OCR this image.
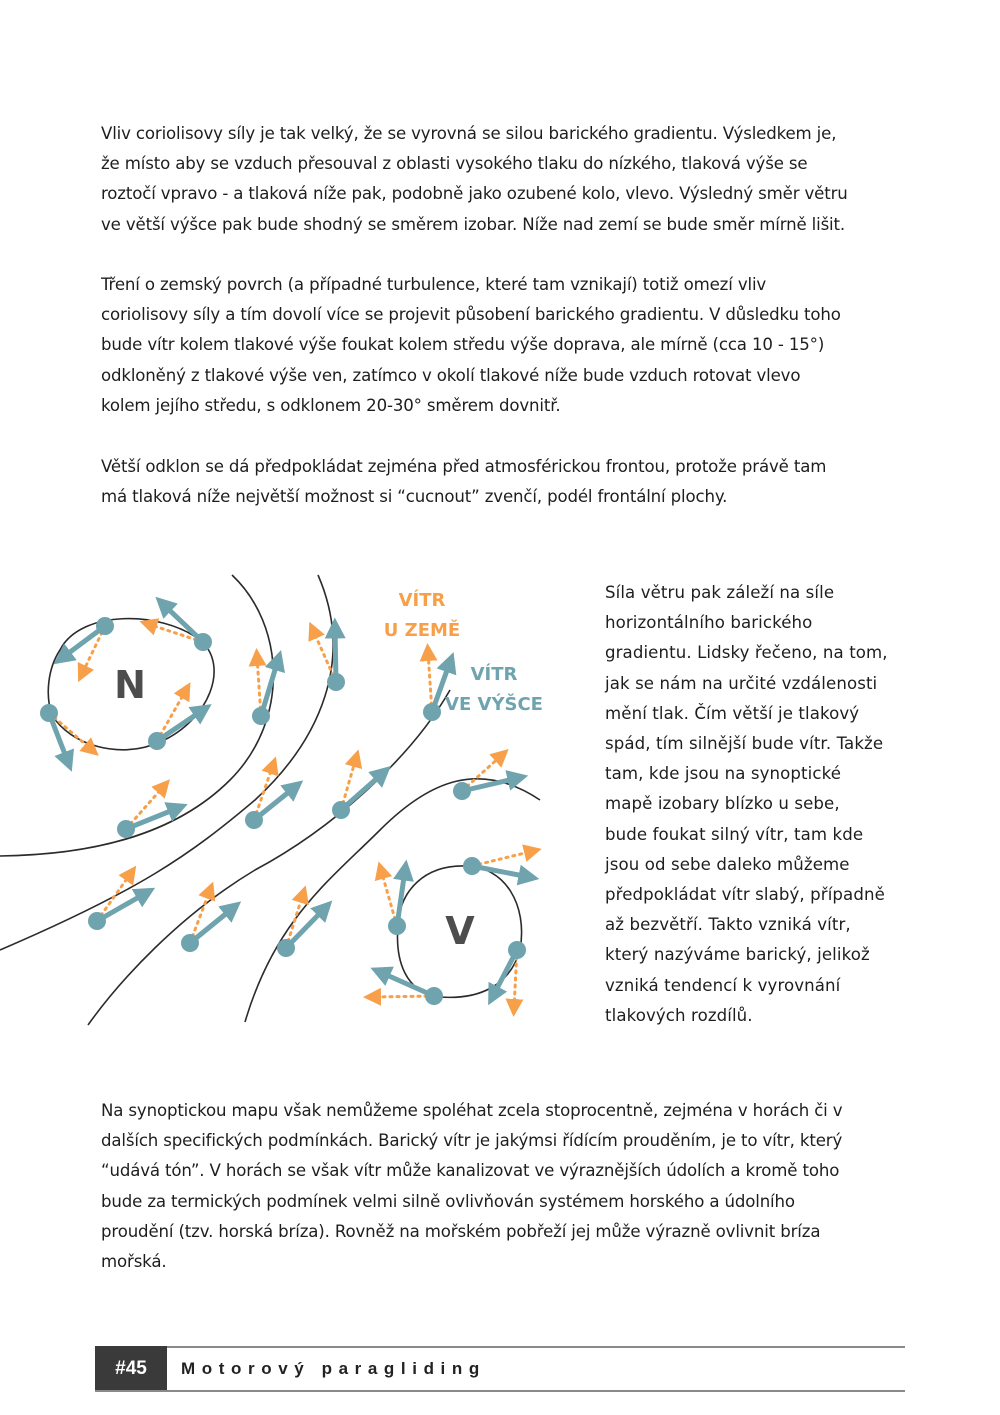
Vliv coriolisovy síly je tak velký, že se vyrovná se silou barického gradientu. Výsledkem je,
že místo aby se vzduch přesouval z oblasti vysokého tlaku do nízkého, tlaková výše se
roztočí vpravo - a tlaková níže pak, podobně jako ozubené kolo, vlevo. Výsledný směr větru
ve větší výšce pak bude shodný se směrem izobar. Níže nad zemí se bude směr mírně lišit.
Tření o zemský povrch (a případné turbulence, které tam vznikají) totiž omezí vliv
coriolisovy síly a tím dovolí více se projevit působení barického gradientu. V důsledku toho
bude vítr kolem tlakové výše foukat kolem středu výše doprava, ale mírně (cca 10 - 15°)
odkloněný z tlakové výše ven, zatímco v okolí tlakové níže bude vzduch rotovat vlevo
kolem jejího středu, s odklonem 20-30° směrem dovnitř.
Větší odklon se dá předpokládat zejména před atmosférickou frontou, protože právě tam
má tlaková níže největší možnost si “cucnout” zvenčí, podél frontální plochy.
N
V
VÍTR
U ZEMĚ
VÍTR
VE VÝŠCE
Síla větru pak záleží na síle
horizontálního barického
gradientu. Lidsky řečeno, na tom,
jak se nám na určité vzdálenosti
mění tlak. Čím větší je tlakový
spád, tím silnější bude vítr. Takže
tam, kde jsou na synoptické
mapě izobary blízko u sebe,
bude foukat silný vítr, tam kde
jsou od sebe daleko můžeme
předpokládat vítr slabý, případně
až bezvětří. Takto vzniká vítr,
který nazýváme barický, jelikož
vzniká tendencí k vyrovnání
tlakových rozdílů.
Na synoptickou mapu však nemůžeme spoléhat zcela stoprocentně, zejména v horách či v
dalších specifických podmínkách. Barický vítr je jakýmsi řídícím prouděním, je to vítr, který
“udává tón”. V horách se však vítr může kanalizovat ve výraznějších údolích a kromě toho
bude za termických podmínek velmi silně ovlivňován systémem horského a údolního
proudění (tzv. horská bríza). Rovněž na mořském pobřeží jej může výrazně ovlivnit bríza
mořská.
#45	Motorový paragliding
